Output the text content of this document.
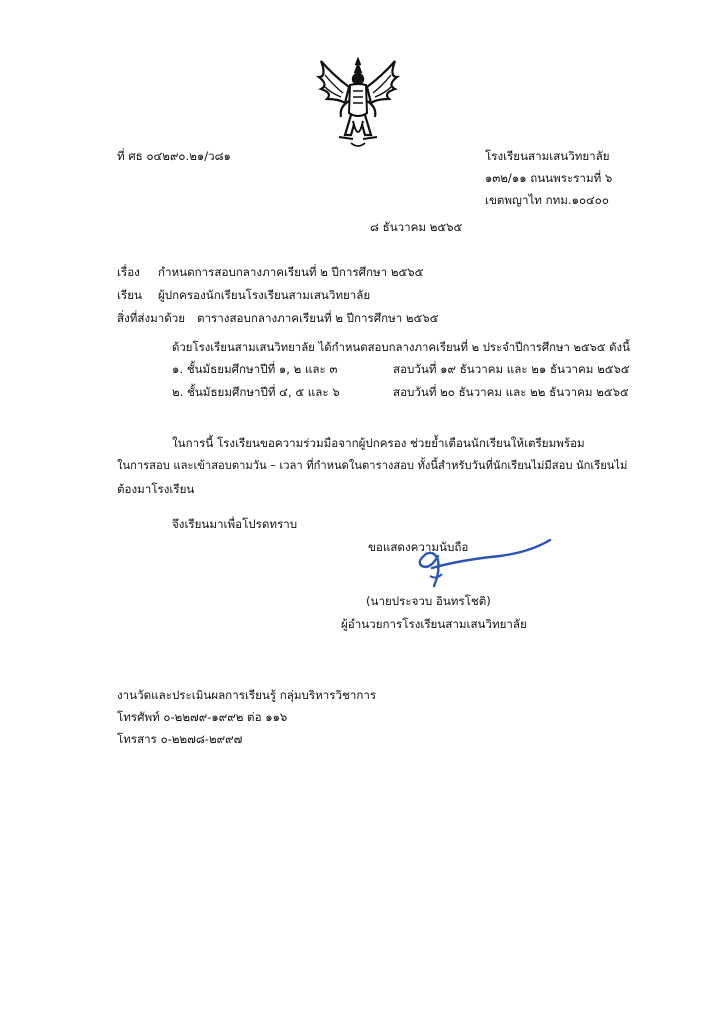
ที่ ศธ ๐๔๒๙๐.๒๑/ว๘๑	โรงเรียนสามเสนวิทยาลัย
๑๓๒/๑๑ ถนนพระรามที่ ๖
เขตพญาไท กทม.๑๐๔๐๐
๘ ธันวาคม ๒๕๖๕
เรื่อง กำหนดการสอบกลางภาคเรียนที่ ๒ ปีการศึกษา ๒๕๖๕
เรียน ผู้ปกครองนักเรียนโรงเรียนสามเสนวิทยาลัย
สิ่งที่ส่งมาด้วย ตารางสอบกลางภาคเรียนที่ ๒ ปีการศึกษา ๒๕๖๕
ด้วยโรงเรียนสามเสนวิทยาลัย ได้กำหนดสอบกลางภาคเรียนที่ ๒ ประจำปีการศึกษา ๒๕๖๕ ดังนี้
๑. ชั้นมัธยมศึกษาปีที่ ๑, ๒ และ ๓	สอบวันที่ ๑๙ ธันวาคม และ ๒๑ ธันวาคม ๒๕๖๕
๒. ชั้นมัธยมศึกษาปีที่ ๔, ๕ และ ๖	สอบวันที่ ๒๐ ธันวาคม และ ๒๒ ธันวาคม ๒๕๖๕
ในการนี้ โรงเรียนขอความร่วมมือจากผู้ปกครอง ช่วยย้ำเตือนนักเรียนให้เตรียมพร้อม
ในการสอบ และเข้าสอบตามวัน – เวลา ที่กำหนดในตารางสอบ ทั้งนี้สำหรับวันที่นักเรียนไม่มีสอบ นักเรียนไม่
ต้องมาโรงเรียน
จึงเรียนมาเพื่อโปรดทราบ
ขอแสดงความนับถือ
(นายประจวบ อินทรโชติ)
ผู้อำนวยการโรงเรียนสามเสนวิทยาลัย
งานวัดและประเมินผลการเรียนรู้ กลุ่มบริหารวิชาการ
โทรศัพท์ ๐-๒๒๗๙-๑๙๙๒ ต่อ ๑๑๖
โทรสาร ๐-๒๒๗๘-๒๙๙๗
